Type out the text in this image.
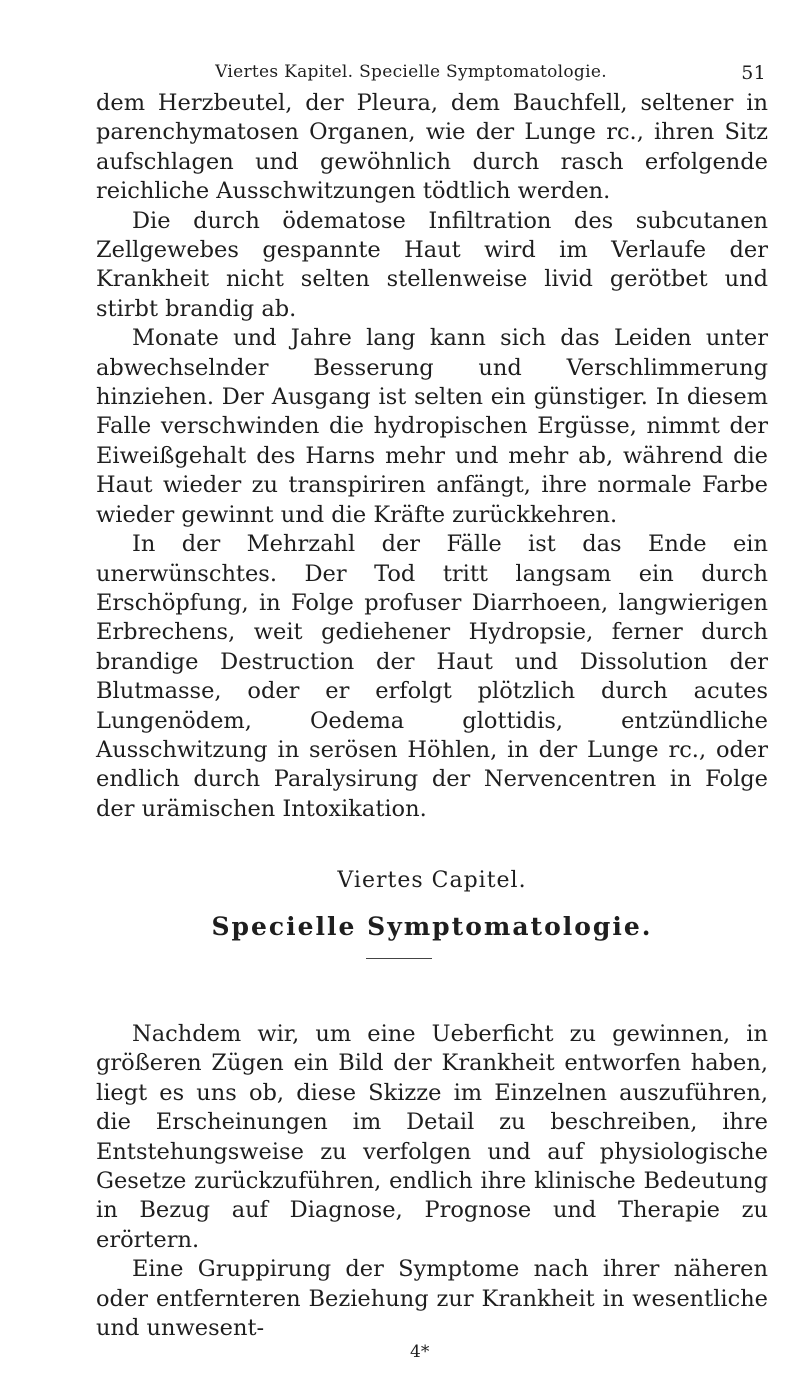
Viertes Kapitel. Specielle Symptomatologie.	51

dem Herzbeutel, der Pleura, dem Bauchfell, seltener in parenchymatosen Organen, wie der Lunge rc., ihren Sitz aufschlagen und gewöhnlich durch rasch erfolgende reichliche Ausschwitzungen tödtlich werden.

Die durch ödematose Infiltration des subcutanen Zellgewebes gespannte Haut wird im Verlaufe der Krankheit nicht selten stellenweise livid gerötbet und stirbt brandig ab.

Monate und Jahre lang kann sich das Leiden unter abwechselnder Besserung und Verschlimmerung hinziehen. Der Ausgang ist selten ein günstiger. In diesem Falle verschwinden die hydropischen Ergüsse, nimmt der Eiweißgehalt des Harns mehr und mehr ab, während die Haut wieder zu transpiriren anfängt, ihre normale Farbe wieder gewinnt und die Kräfte zurückkehren.

In der Mehrzahl der Fälle ist das Ende ein unerwünschtes. Der Tod tritt langsam ein durch Erschöpfung, in Folge profuser Diarrhoeen, langwierigen Erbrechens, weit gediehener Hydropsie, ferner durch brandige Destruction der Haut und Dissolution der Blutmasse, oder er erfolgt plötzlich durch acutes Lungenödem, Oedema glottidis, entzündliche Ausschwitzung in serösen Höhlen, in der Lunge rc., oder endlich durch Paralysirung der Nervencentren in Folge der urämischen Intoxikation.

Viertes Capitel.
Specielle Symptomatologie.

Nachdem wir, um eine Ueberficht zu gewinnen, in größeren Zügen ein Bild der Krankheit entworfen haben, liegt es uns ob, diese Skizze im Einzelnen auszuführen, die Erscheinungen im Detail zu beschreiben, ihre Entstehungsweise zu verfolgen und auf physiologische Gesetze zurückzuführen, endlich ihre klinische Bedeutung in Bezug auf Diagnose, Prognose und Therapie zu erörtern.

Eine Gruppirung der Symptome nach ihrer näheren oder entfernteren Beziehung zur Krankheit in wesentliche und unwesent-

4*
